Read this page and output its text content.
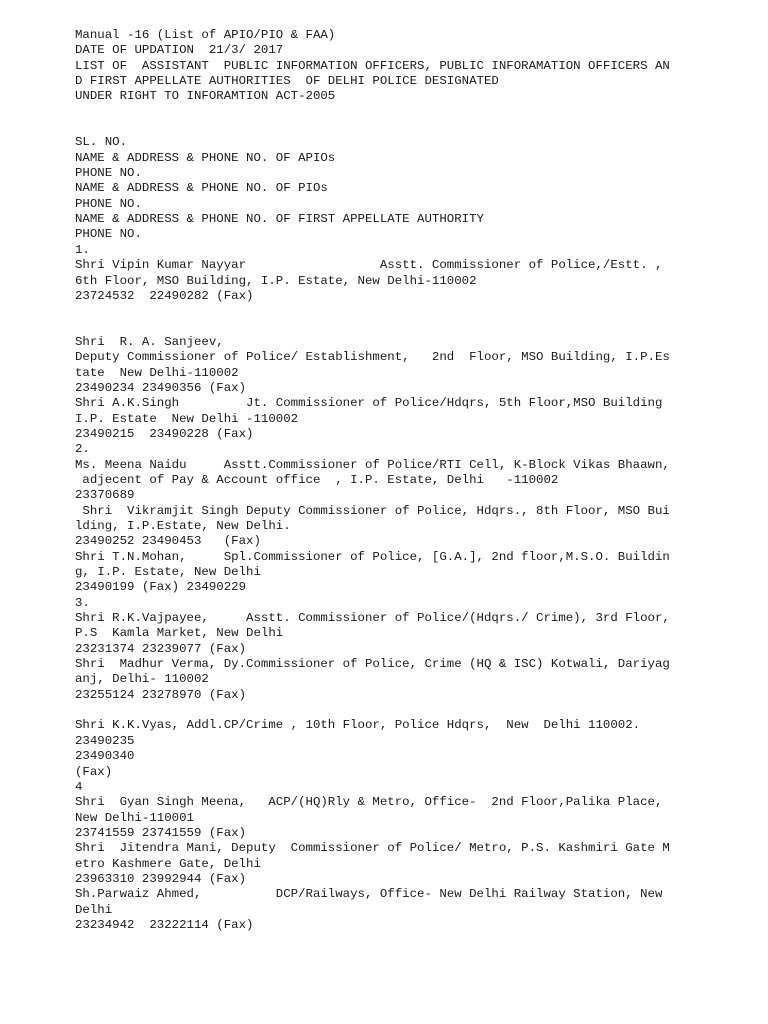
Manual -16 (List of APIO/PIO & FAA)
DATE OF UPDATION  21/3/ 2017
LIST OF  ASSISTANT  PUBLIC INFORMATION OFFICERS, PUBLIC INFORAMATION OFFICERS AN
D FIRST APPELLATE AUTHORITIES  OF DELHI POLICE DESIGNATED
UNDER RIGHT TO INFORAMTION ACT-2005
SL. NO.
NAME & ADDRESS & PHONE NO. OF APIOs
PHONE NO.
NAME & ADDRESS & PHONE NO. OF PIOs
PHONE NO.
NAME & ADDRESS & PHONE NO. OF FIRST APPELLATE AUTHORITY
PHONE NO.
1.
Shri Vipin Kumar Nayyar                  Asstt. Commissioner of Police,/Estt. ,
6th Floor, MSO Building, I.P. Estate, New Delhi-110002
23724532  22490282 (Fax)
Shri  R. A. Sanjeev,
Deputy Commissioner of Police/ Establishment,   2nd  Floor, MSO Building, I.P.Es
tate  New Delhi-110002
23490234 23490356 (Fax)
Shri A.K.Singh         Jt. Commissioner of Police/Hdqrs, 5th Floor,MSO Building
I.P. Estate  New Delhi -110002
23490215  23490228 (Fax)
2.
Ms. Meena Naidu     Asstt.Commissioner of Police/RTI Cell, K-Block Vikas Bhaawn,
adjecent of Pay & Account office  , I.P. Estate, Delhi   -110002
23370689
Shri  Vikramjit Singh Deputy Commissioner of Police, Hdqrs., 8th Floor, MSO Bui
lding, I.P.Estate, New Delhi.
23490252 23490453   (Fax)
Shri T.N.Mohan,     Spl.Commissioner of Police, [G.A.], 2nd floor,M.S.O. Buildin
g, I.P. Estate, New Delhi
23490199 (Fax) 23490229
3.
Shri R.K.Vajpayee,     Asstt. Commissioner of Police/(Hdqrs./ Crime), 3rd Floor,
P.S  Kamla Market, New Delhi
23231374 23239077 (Fax)
Shri  Madhur Verma, Dy.Commissioner of Police, Crime (HQ & ISC) Kotwali, Dariyag
anj, Delhi- 110002
23255124 23278970 (Fax)
Shri K.K.Vyas, Addl.CP/Crime , 10th Floor, Police Hdqrs,  New  Delhi 110002.
23490235
23490340
(Fax)
4
Shri  Gyan Singh Meena,   ACP/(HQ)Rly & Metro, Office-  2nd Floor,Palika Place,
New Delhi-110001
23741559 23741559 (Fax)
Shri  Jitendra Mani, Deputy  Commissioner of Police/ Metro, P.S. Kashmiri Gate M
etro Kashmere Gate, Delhi
23963310 23992944 (Fax)
Sh.Parwaiz Ahmed,          DCP/Railways, Office- New Delhi Railway Station, New
Delhi
23234942  23222114 (Fax)
